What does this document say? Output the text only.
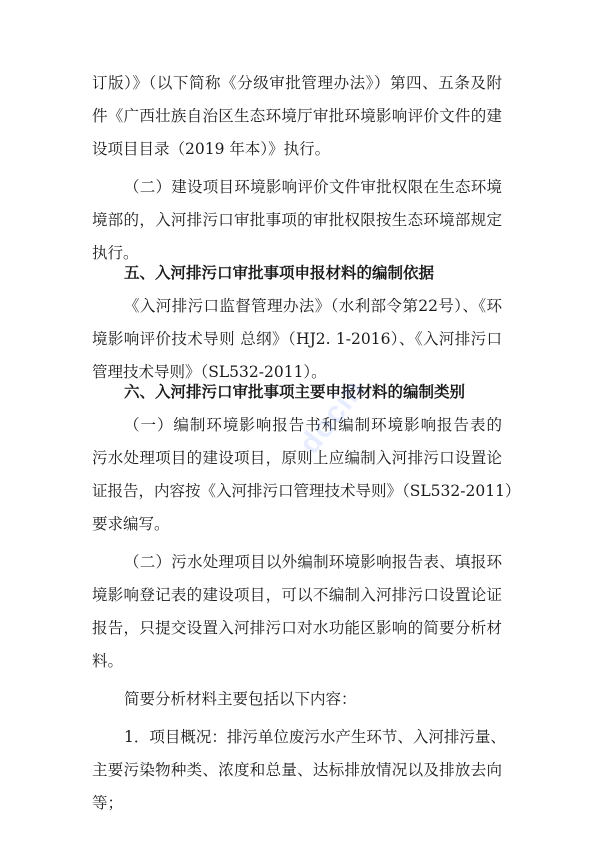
订版）》（以下简称《分级审批管理办法》）第四、五条及附
件《广西壮族自治区生态环境厅审批环境影响评价文件的建
设项目目录（2019 年本）》执行。
（二）建设项目环境影响评价文件审批权限在生态环境
境部的，入河排污口审批事项的审批权限按生态环境部规定
执行。
五、入河排污口审批事项申报材料的编制依据
《入河排污口监督管理办法》（水利部令第22号）、《环
境影响评价技术导则 总纲》（HJ2. 1-2016）、《入河排污口
管理技术导则》（SL532-2011）。
六、入河排污口审批事项主要申报材料的编制类别
（一）编制环境影响报告书和编制环境影响报告表的
污水处理项目的建设项目，原则上应编制入河排污口设置论
证报告，内容按《入河排污口管理技术导则》（SL532-2011）
要求编写。
（二）污水处理项目以外编制环境影响报告表、填报环
境影响登记表的建设项目，可以不编制入河排污口设置论证
报告，只提交设置入河排污口对水功能区影响的简要分析材
料。
简要分析材料主要包括以下内容：
1．项目概况：排污单位废污水产生环节、入河排污量、
主要污染物种类、浓度和总量、达标排放情况以及排放去向
等；
docin
